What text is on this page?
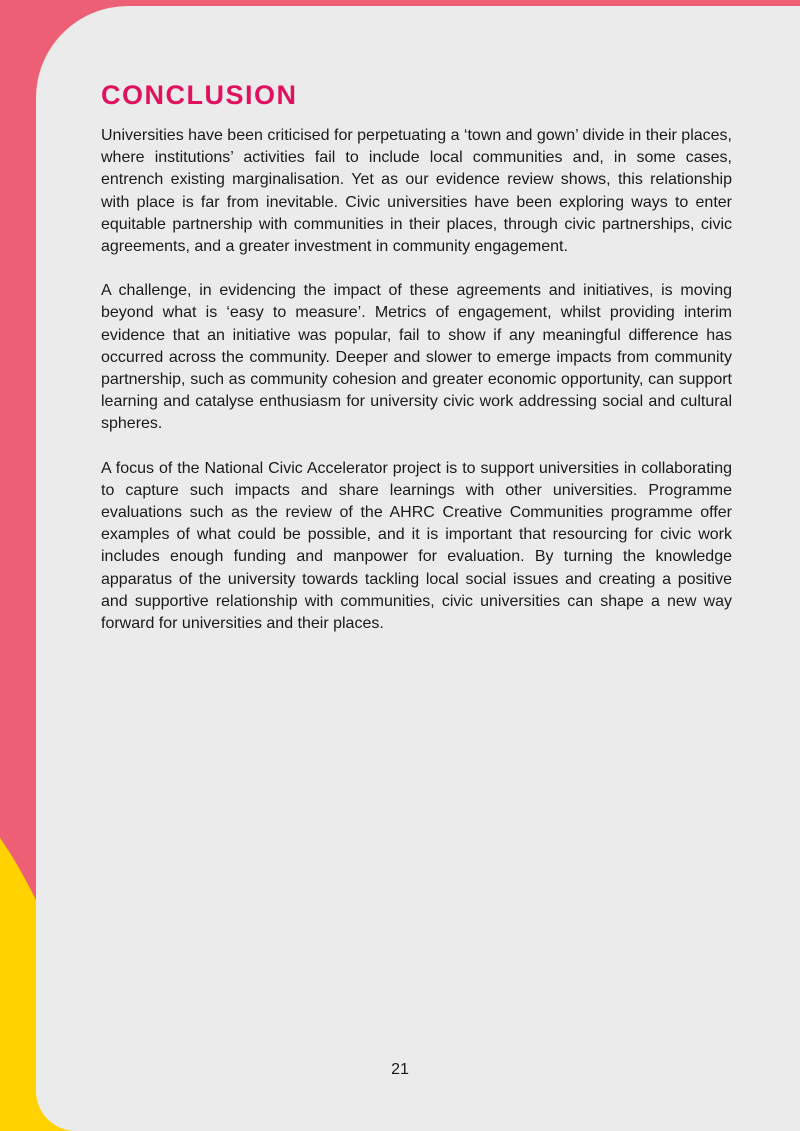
CONCLUSION

Universities have been criticised for perpetuating a ‘town and gown’ divide in their places, where institutions’ activities fail to include local communities and, in some cases, entrench existing marginalisation. Yet as our evidence review shows, this relationship with place is far from inevitable. Civic universities have been exploring ways to enter equitable partnership with communities in their places, through civic partnerships, civic agreements, and a greater investment in community engagement.

A challenge, in evidencing the impact of these agreements and initiatives, is moving beyond what is ‘easy to measure’. Metrics of engagement, whilst providing interim evidence that an initiative was popular, fail to show if any meaningful difference has occurred across the community. Deeper and slower to emerge impacts from community partnership, such as community cohesion and greater economic opportunity, can support learning and catalyse enthusiasm for university civic work addressing social and cultural spheres.

A focus of the National Civic Accelerator project is to support universities in collaborating to capture such impacts and share learnings with other universities. Programme evaluations such as the review of the AHRC Creative Communities programme offer examples of what could be possible, and it is important that resourcing for civic work includes enough funding and manpower for evaluation. By turning the knowledge apparatus of the university towards tackling local social issues and creating a positive and supportive relationship with communities, civic universities can shape a new way forward for universities and their places.

21
